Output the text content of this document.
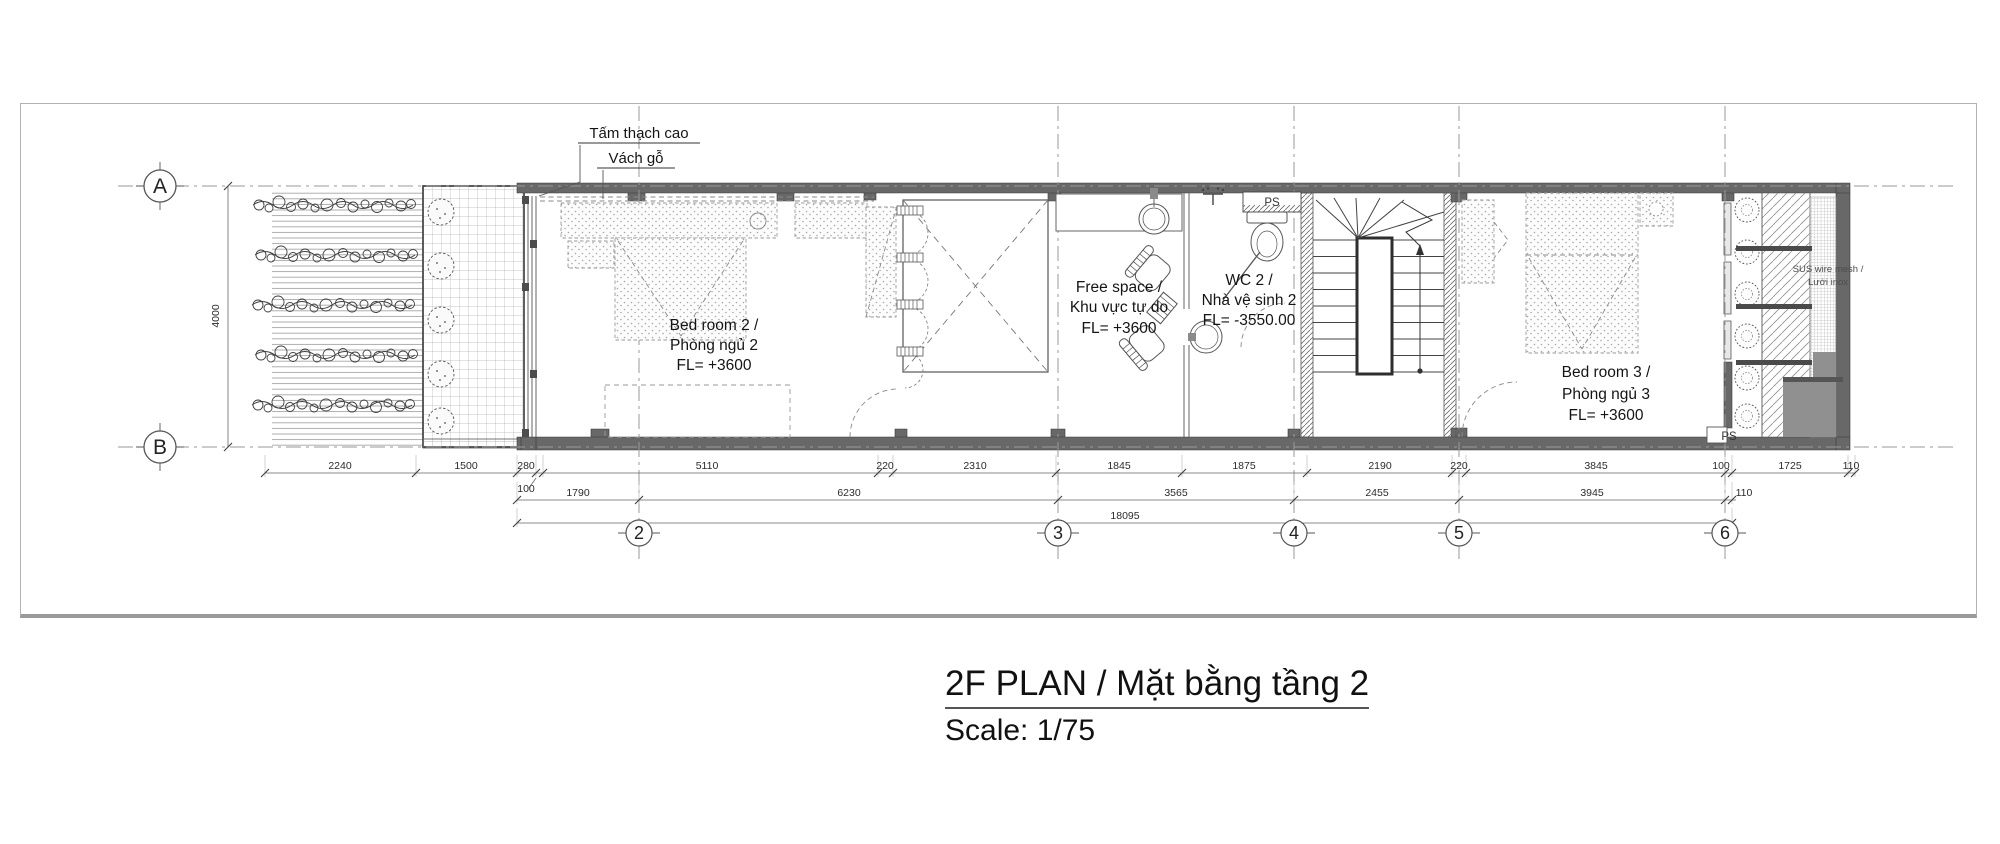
Tấm thạch cao
Vách gỗ
Bed room 2 /
Phòng ngủ 2
FL= +3600
Free space /
Khu vực tự do
FL= +3600
WC 2 /
Nhà vệ sinh 2
FL= -3550.00
Bed room 3 /
Phòng ngủ 3
FL= +3600
PS
PS
SUS wire mesh /
Lưới inox
A
B
2	3	4	5	6
4000
2240	1500	280
100
5110	220	2310	1845	1875	2190	220	3845	100	1725	110
1790	6230	3565	2455	3945	110
18095
2F PLAN / Mặt bằng tầng 2
Scale: 1/75
